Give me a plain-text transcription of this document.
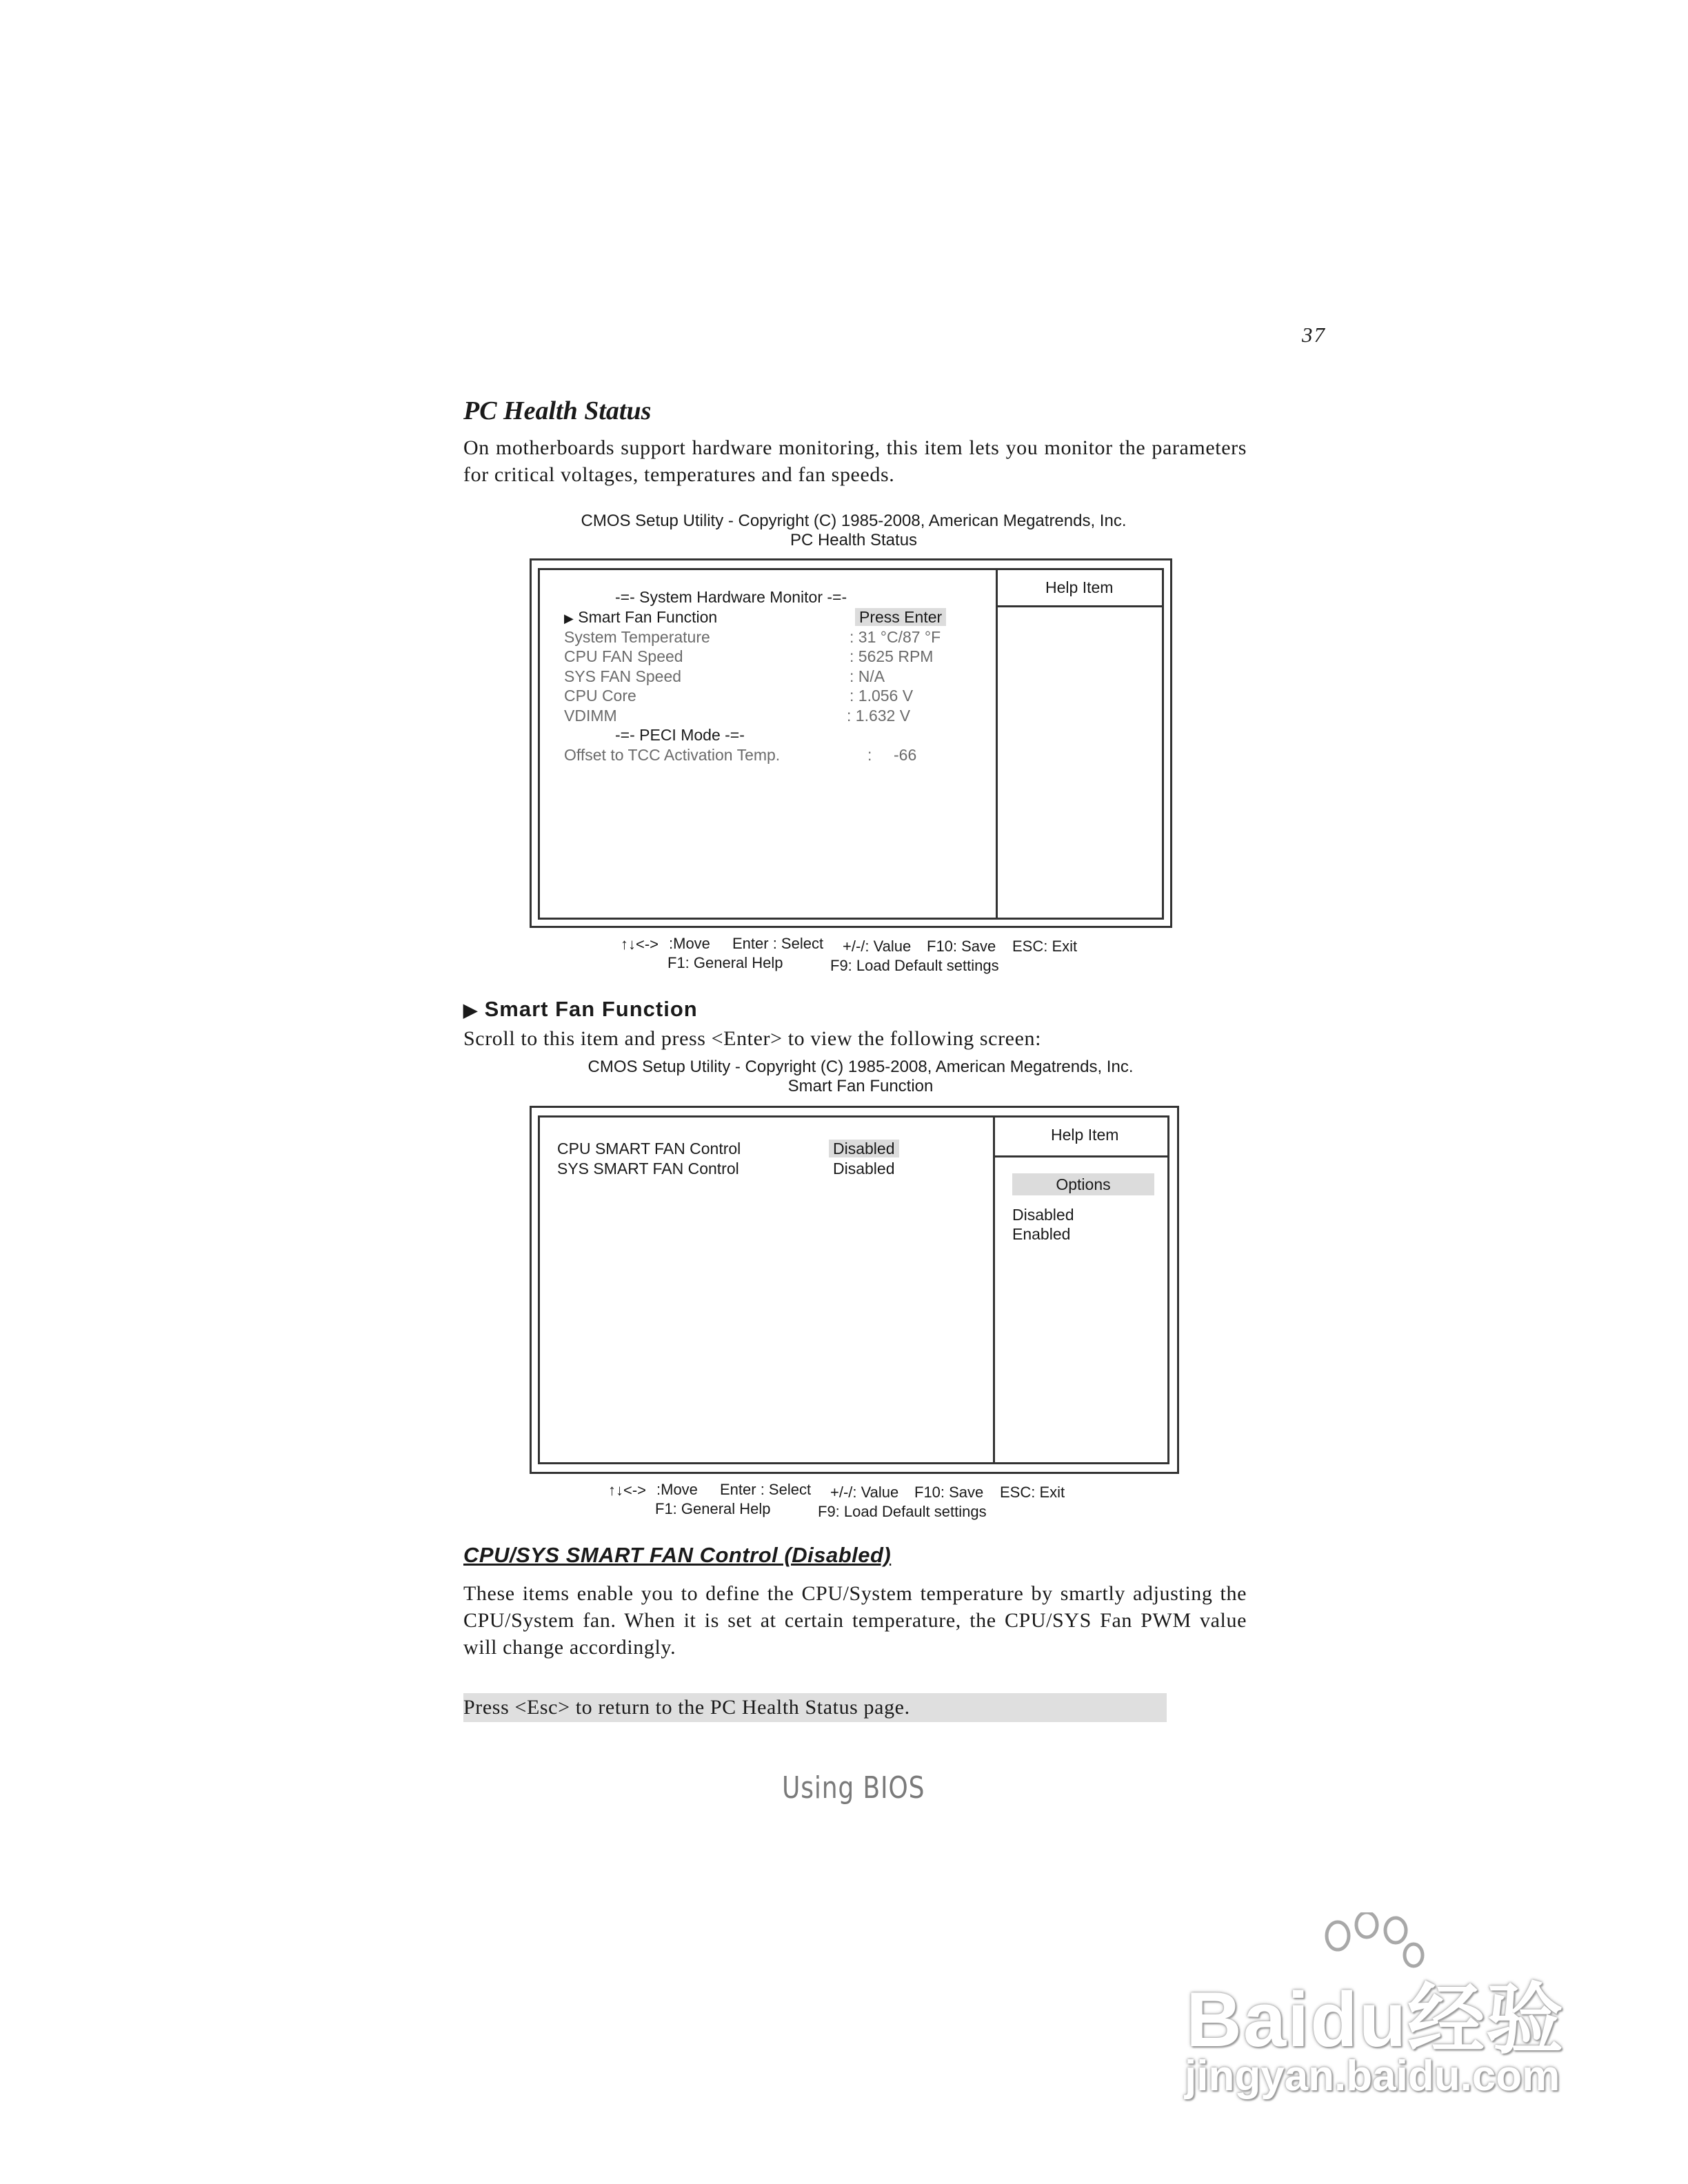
37
PC Health Status
On motherboards support hardware monitoring, this item lets you monitor the parameters for critical voltages, temperatures and fan speeds.
CMOS Setup Utility - Copyright (C) 1985-2008, American Megatrends, Inc.
PC Health Status
Help Item
-=- System Hardware Monitor -=-
▶ Smart Fan Function	Press Enter
System Temperature	: 31 °C/87 °F
CPU FAN Speed	: 5625 RPM
SYS FAN Speed	: N/A
CPU Core	: 1.056 V
VDIMM	: 1.632 V
-=- PECI Mode -=-
Offset to TCC Activation Temp.	: -66
↑↓<-> :Move Enter : Select +/-/: Value F10: Save ESC: Exit
F1: General Help	F9: Load Default settings
▶ Smart Fan Function
Scroll to this item and press <Enter> to view the following screen:
CMOS Setup Utility - Copyright (C) 1985-2008, American Megatrends, Inc.
Smart Fan Function
Help Item
Options
Disabled
Enabled
CPU SMART FAN Control	Disabled
SYS SMART FAN Control	Disabled
↑↓<-> :Move Enter : Select +/-/: Value F10: Save ESC: Exit
F1: General Help	F9: Load Default settings
CPU/SYS SMART FAN Control (Disabled)
These items enable you to define the CPU/System temperature by smartly adjusting the CPU/System fan. When it is set at certain temperature, the CPU/SYS Fan PWM value will change accordingly.
Press <Esc> to return to the PC Health Status page.
Using BIOS
Baidu经验
jingyan.baidu.com
